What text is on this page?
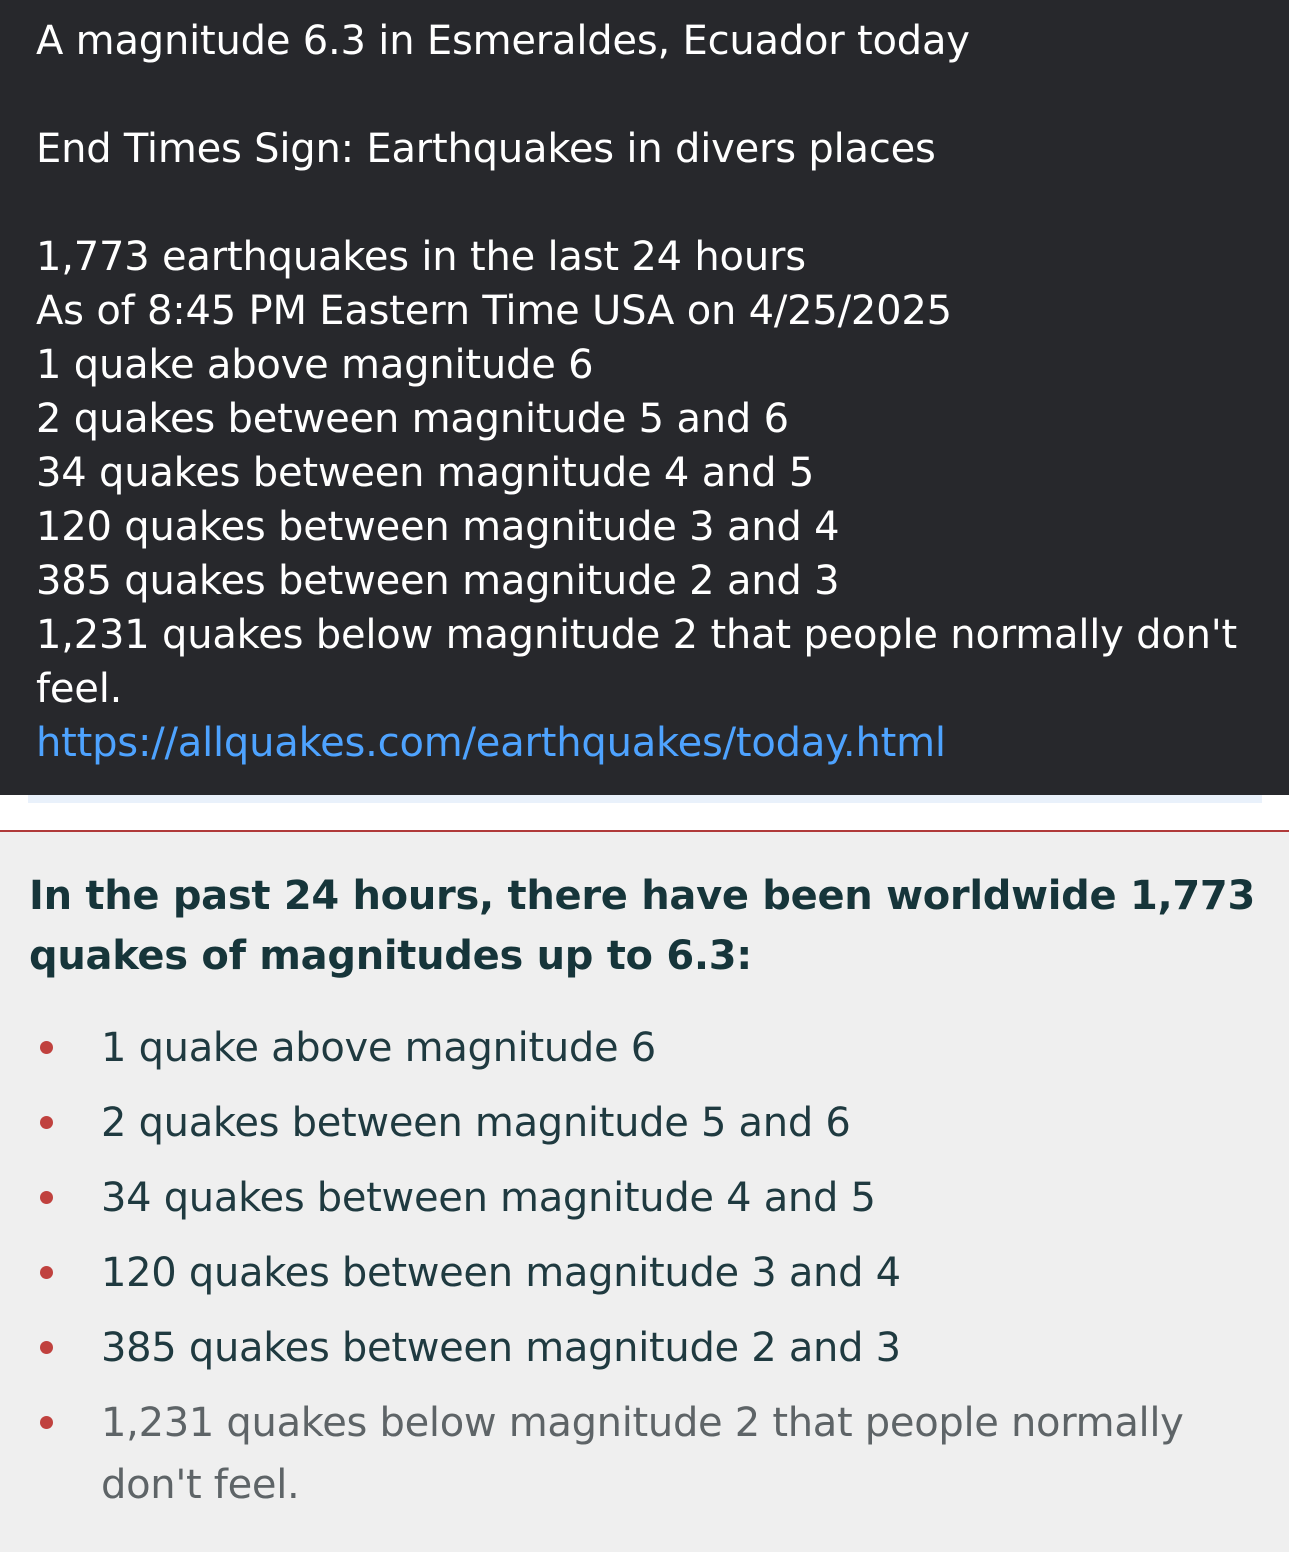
A magnitude 6.3 in Esmeraldes, Ecuador today
End Times Sign: Earthquakes in divers places
1,773 earthquakes in the last 24 hours
As of 8:45 PM Eastern Time USA on 4/25/2025
1 quake above magnitude 6
2 quakes between magnitude 5 and 6
34 quakes between magnitude 4 and 5
120 quakes between magnitude 3 and 4
385 quakes between magnitude 2 and 3
1,231 quakes below magnitude 2 that people normally don't feel.
https://allquakes.com/earthquakes/today.html
In the past 24 hours, there have been worldwide 1,773 quakes of magnitudes up to 6.3:
1 quake above magnitude 6
2 quakes between magnitude 5 and 6
34 quakes between magnitude 4 and 5
120 quakes between magnitude 3 and 4
385 quakes between magnitude 2 and 3
1,231 quakes below magnitude 2 that people normally don't feel.
